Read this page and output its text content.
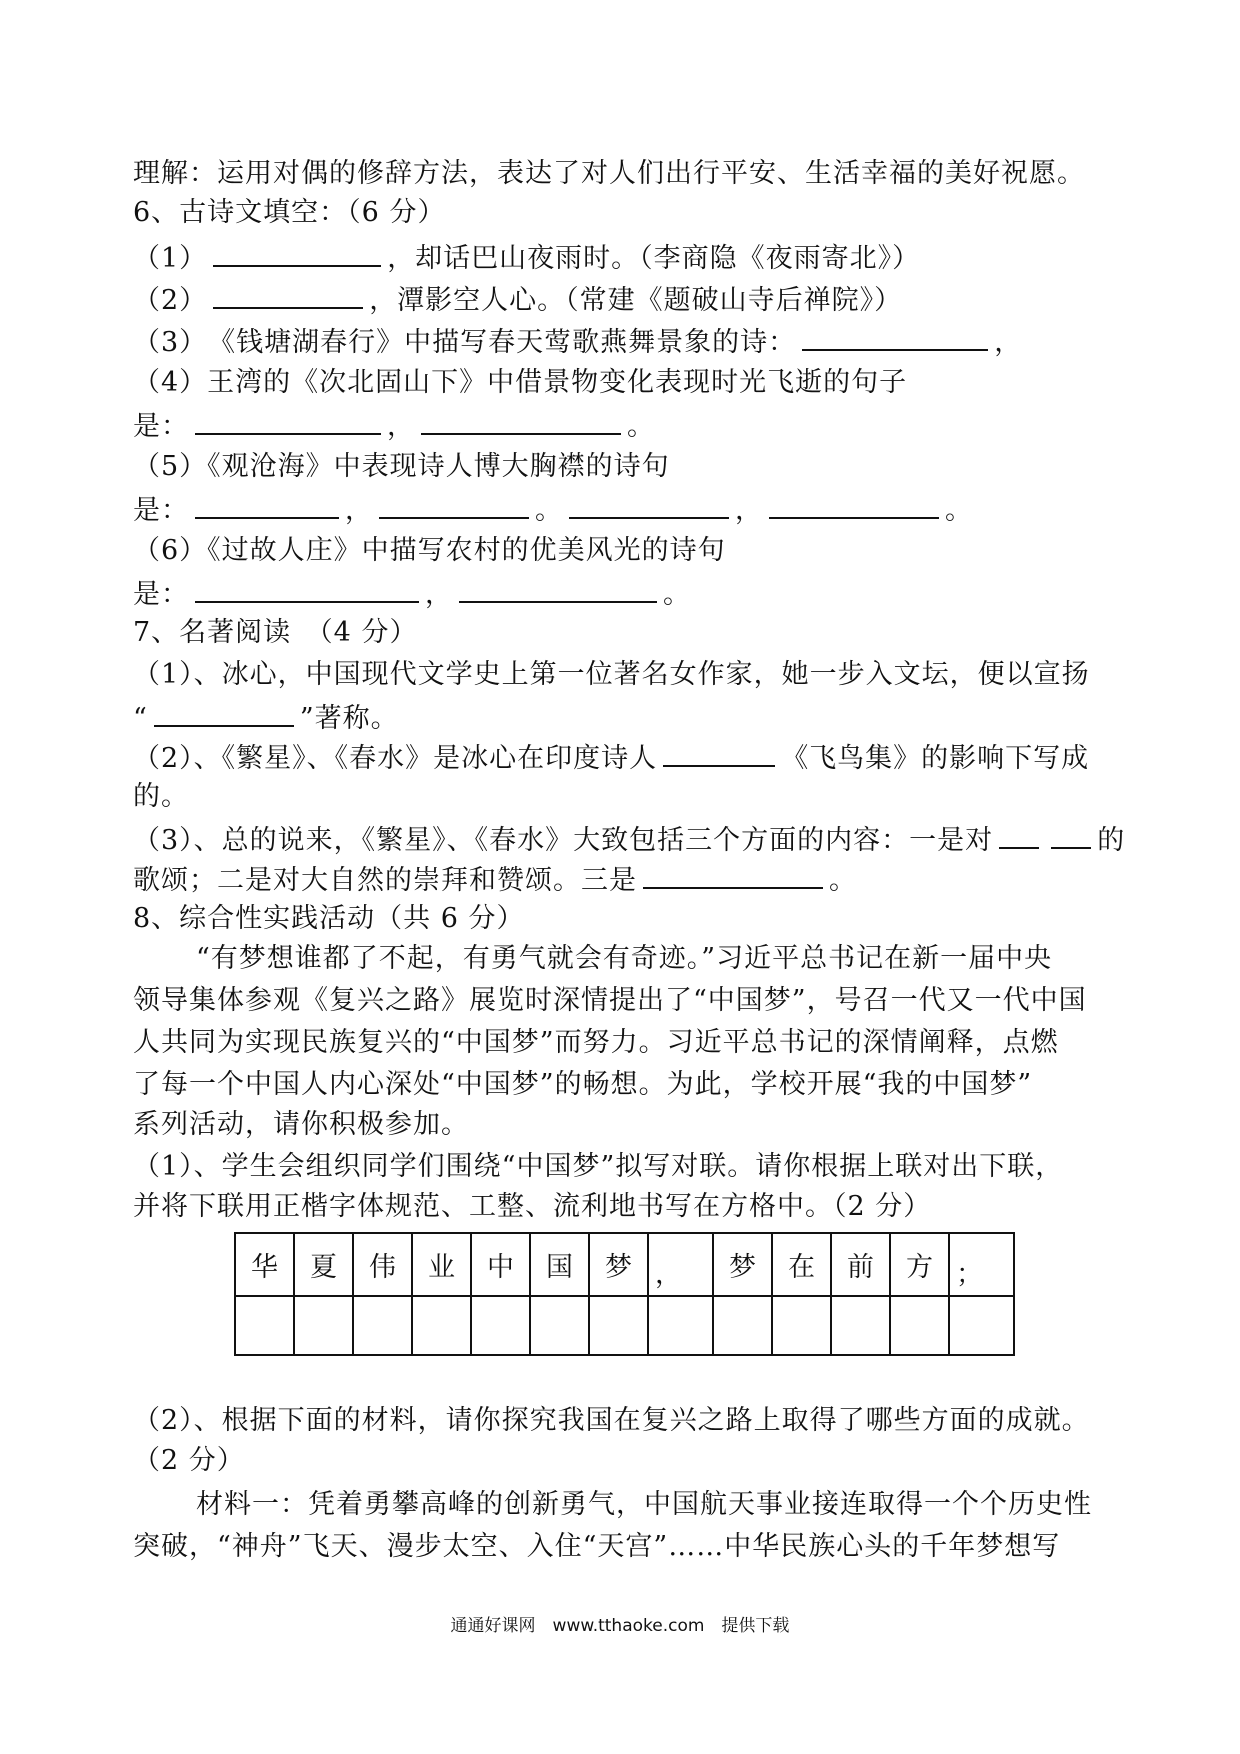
理解：运用对偶的修辞方法，表达了对人们出行平安、生活幸福的美好祝愿。
6、古诗文填空：（6 分）
（1）	，却话巴山夜雨时。（李商隐《夜雨寄北》）
（2）	，潭影空人心。（常建《题破山寺后禅院》）
（3）　《钱塘湖春行》中描写春天莺歌燕舞景象的诗：	，
（4）王湾的《次北固山下》中借景物变化表现时光飞逝的句子
是：	，	。
（5）《观沧海》中表现诗人博大胸襟的诗句
是：	，	。	，	。
（6）《过故人庄》中描写农村的优美风光的诗句
是：	，	。
7、名著阅读　（4 分）
（1）、冰心，中国现代文学史上第一位著名女作家，她一步入文坛，便以宣扬
“	”著称。
（2）、《繁星》、《春水》是冰心在印度诗人	《飞鸟集》的影响下写成
的。
（3）、总的说来，《繁星》、《春水》大致包括三个方面的内容：一是对	的
歌颂；二是对大自然的崇拜和赞颂。三是	。
8、综合性实践活动（共 6 分）
“有梦想谁都了不起，有勇气就会有奇迹。”习近平总书记在新一届中央
领导集体参观《复兴之路》展览时深情提出了“中国梦”，号召一代又一代中国
人共同为实现民族复兴的“中国梦”而努力。习近平总书记的深情阐释，点燃
了每一个中国人内心深处“中国梦”的畅想。为此，学校开展“我的中国梦”
系列活动，请你积极参加。
（1）、学生会组织同学们围绕“中国梦”拟写对联。请你根据上联对出下联，
并将下联用正楷字体规范、工整、流利地书写在方格中。（2 分）
华	夏	伟	业	中	国	梦	，	梦	在	前	方	；

（2）、根据下面的材料，请你探究我国在复兴之路上取得了哪些方面的成就。
（2 分）
材料一：凭着勇攀高峰的创新勇气，中国航天事业接连取得一个个历史性
突破，“神舟”飞天、漫步太空、入住“天宫”……中华民族心头的千年梦想写
通通好课网　www.tthaoke.com　提供下载
